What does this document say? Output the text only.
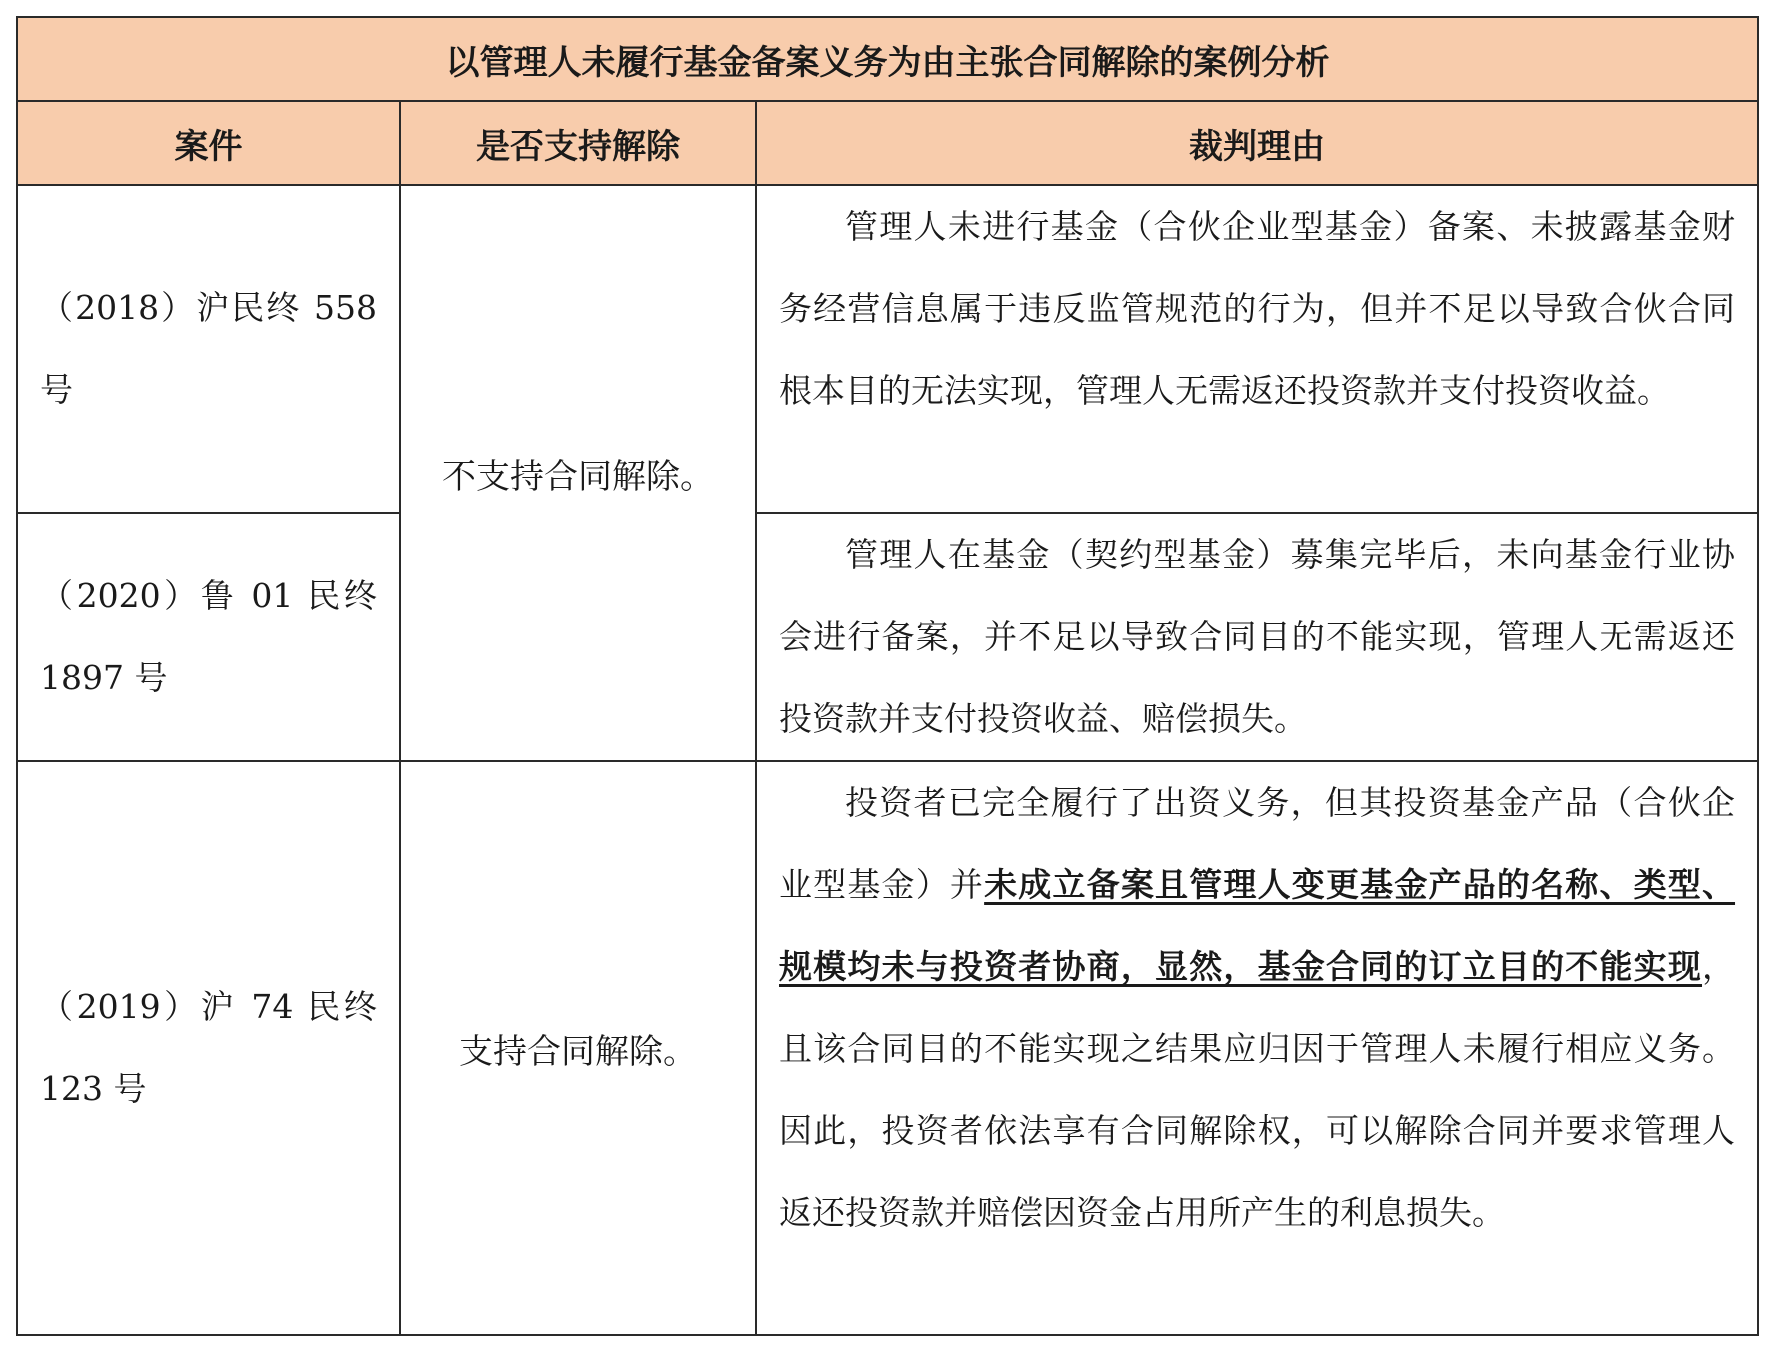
以管理人未履行基金备案义务为由主张合同解除的案例分析		
案件	是否支持解除	裁判理由
（2018）沪民终 558号	不支持合同解除。	管理人未进行基金（合伙企业型基金）备案、未披露基金财务经营信息属于违反监管规范的行为，但并不足以导致合伙合同根本目的无法实现，管理人无需返还投资款并支付投资收益。

（2020）鲁 01 民终 1897 号		管理人在基金（契约型基金）募集完毕后，未向基金行业协会进行备案，并不足以导致合同目的不能实现，管理人无需返还投资款并支付投资收益、赔偿损失。

（2019）沪 74 民终 123 号	支持合同解除。	投资者已完全履行了出资义务，但其投资基金产品（合伙企业型基金）并未成立备案且管理人变更基金产品的名称、类型、规模均未与投资者协商，显然，基金合同的订立目的不能实现，且该合同目的不能实现之结果应归因于管理人未履行相应义务。因此，投资者依法享有合同解除权，可以解除合同并要求管理人返还投资款并赔偿因资金占用所产生的利息损失。
